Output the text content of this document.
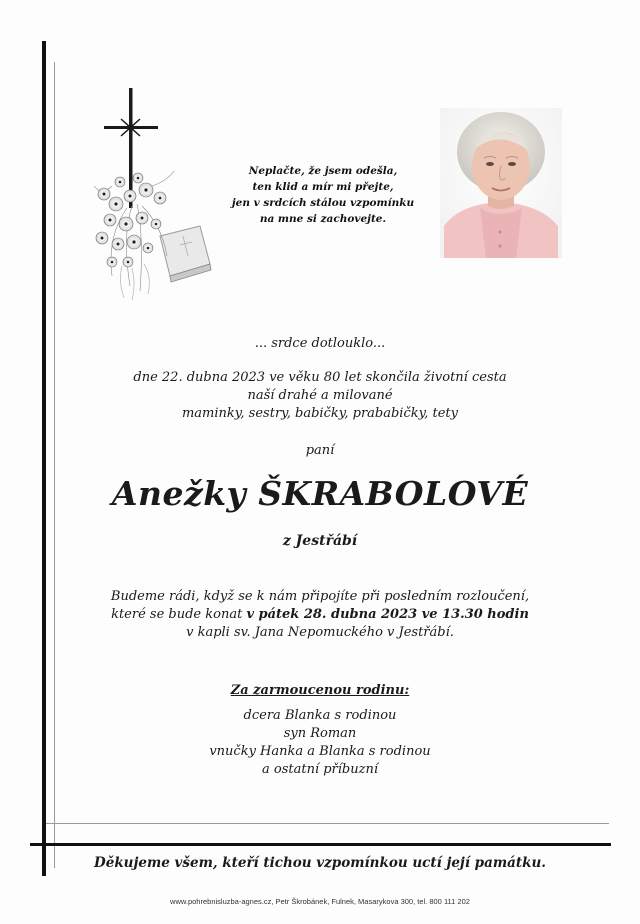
Neplačte, že jsem odešla,
ten klid a mír mi přejte,
jen v srdcích stálou vzpomínku
na mne si zachovejte.
... srdce dotlouklo...
dne 22. dubna 2023 ve věku 80 let skončila životní cesta
naší drahé a milované
maminky, sestry, babičky, prababičky, tety
paní
Anežky ŠKRABOLOVÉ
z Jestřábí
Budeme rádi, když se k nám připojíte při posledním rozloučení,
které se bude konat v pátek 28. dubna 2023 ve 13.30 hodin
v kapli sv. Jana Nepomuckého v Jestřábí.
Za zarmoucenou rodinu:
dcera Blanka s rodinou
syn Roman
vnučky Hanka a Blanka s rodinou
a ostatní příbuzní
Děkujeme všem, kteří tichou vzpomínkou uctí její památku.
www.pohrebnisluzba-agnes.cz, Petr Škrobánek, Fulnek, Masarykova 300, tel. 800 111 202
